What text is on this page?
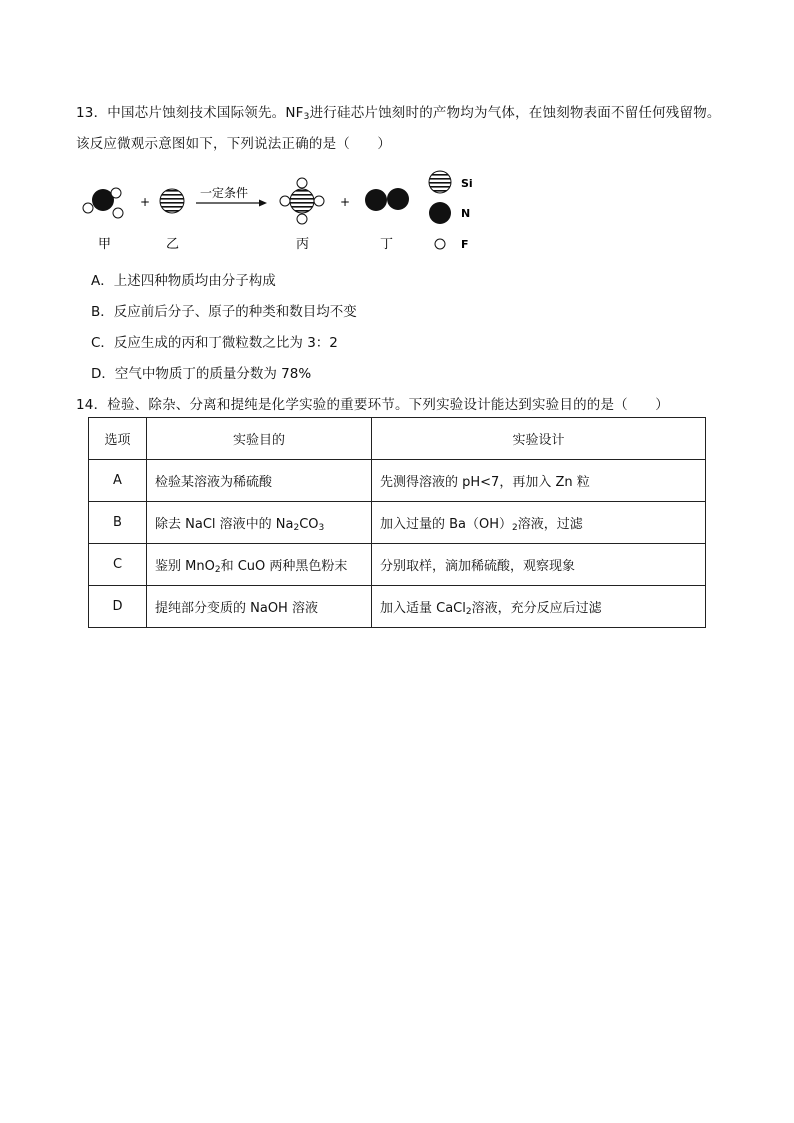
13．中国芯片蚀刻技术国际领先。$NF_3$进行硅芯片蚀刻时的产物均为气体，在蚀刻物表面不留任何残留物。
该反应微观示意图如下，下列说法正确的是（　　）
+
一定条件
+
Si
N
F
甲	乙	丙	丁
A．上述四种物质均由分子构成
B．反应前后分子、原子的种类和数目均不变
C．反应生成的丙和丁微粒数之比为 3：2
D．空气中物质丁的质量分数为 78%
14．检验、除杂、分离和提纯是化学实验的重要环节。下列实验设计能达到实验目的的是（　　）
选项	实验目的	实验设计
A	检验某溶液为稀硫酸	先测得溶液的 pH<7，再加入 Zn 粒
B	除去 NaCl 溶液中的 $Na_2CO_3$	加入过量的 $Ba(OH)_2$溶液，过滤
C	鉴别 MnO$_2$和 CuO 两种黑色粉末	分别取样，滴加稀硫酸，观察现象
D	提纯部分变质的 NaOH 溶液	加入适量 CaCl$_2$溶液，充分反应后过滤
